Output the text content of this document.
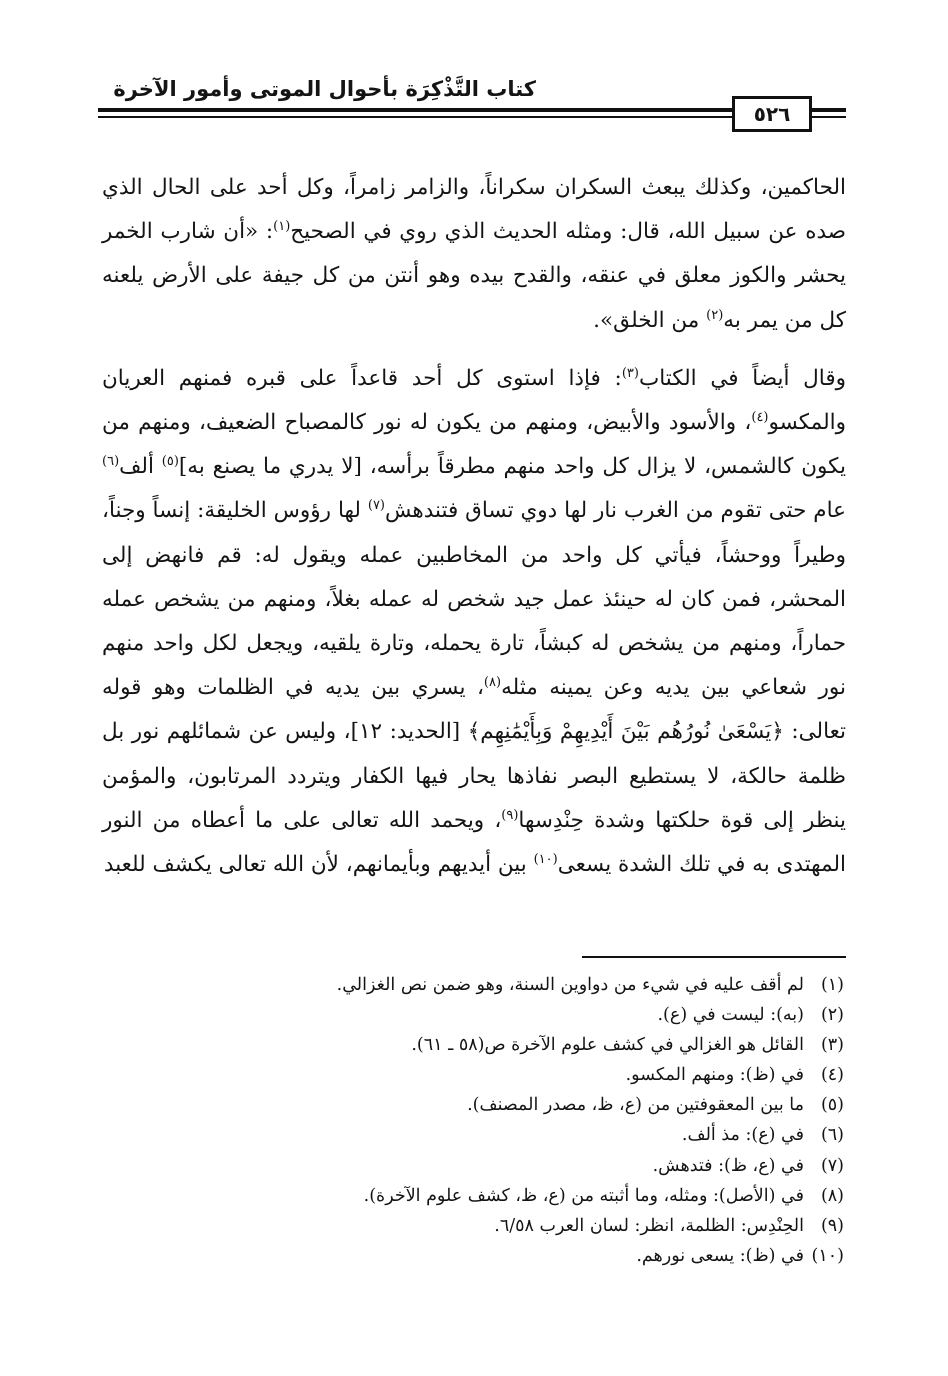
كتاب التَّذْكِرَة بأحوال الموتى وأمور الآخرة
٥٢٦

الحاكمين، وكذلك يبعث السكران سكراناً، والزامر زامراً، وكل أحد على الحال الذي صده عن سبيل الله، قال: ومثله الحديث الذي روي في الصحيح$^{(١)}$: «أن شارب الخمر يحشر والكوز معلق في عنقه، والقدح بيده وهو أنتن من كل جيفة على الأرض يلعنه كل من يمر به$^{(٢)}$ من الخلق».

وقال أيضاً في الكتاب$^{(٣)}$: فإذا استوى كل أحد قاعداً على قبره فمنهم العريان والمكسو$^{(٤)}$، والأسود والأبيض، ومنهم من يكون له نور كالمصباح الضعيف، ومنهم من يكون كالشمس، لا يزال كل واحد منهم مطرقاً برأسه، [لا يدري ما يصنع به]$^{(٥)}$ ألف$^{(٦)}$ عام حتى تقوم من الغرب نار لها دوي تساق فتندهش$^{(٧)}$ لها رؤوس الخليقة: إنساً وجناً، وطيراً ووحشاً، فيأتي كل واحد من المخاطبين عمله ويقول له: قم فانهض إلى المحشر، فمن كان له حينئذ عمل جيد شخص له عمله بغلاً، ومنهم من يشخص عمله حماراً، ومنهم من يشخص له كبشاً، تارة يحمله، وتارة يلقيه، ويجعل لكل واحد منهم نور شعاعي بين يديه وعن يمينه مثله$^{(٨)}$، يسري بين يديه في الظلمات وهو قوله تعالى: ﴿يَسْعَىٰ نُورُهُم بَيْنَ أَيْدِيهِمْ وَبِأَيْمَٰنِهِم﴾ [الحديد: ١٢]، وليس عن شمائلهم نور بل ظلمة حالكة، لا يستطيع البصر نفاذها يحار فيها الكفار ويتردد المرتابون، والمؤمن ينظر إلى قوة حلكتها وشدة حِنْدِسها$^{(٩)}$، ويحمد الله تعالى على ما أعطاه من النور المهتدى به في تلك الشدة يسعى$^{(١٠)}$ بين أيديهم وبأيمانهم، لأن الله تعالى يكشف للعبد

(١)لم أقف عليه في شيء من دواوين السنة، وهو ضمن نص الغزالي.
(٢)(به): ليست في (ع).
(٣)القائل هو الغزالي في كشف علوم الآخرة ص(٥٨ ـ ٦١).
(٤)في (ظ): ومنهم المكسو.
(٥)ما بين المعقوفتين من (ع، ظ، مصدر المصنف).
(٦)في (ع): مذ ألف.
(٧)في (ع، ظ): فتدهش.
(٨)في (الأصل): ومثله، وما أثبته من (ع، ظ، كشف علوم الآخرة).
(٩)الحِنْدِس: الظلمة، انظر: لسان العرب ٦/٥٨.
(١٠)في (ظ): يسعى نورهم.
